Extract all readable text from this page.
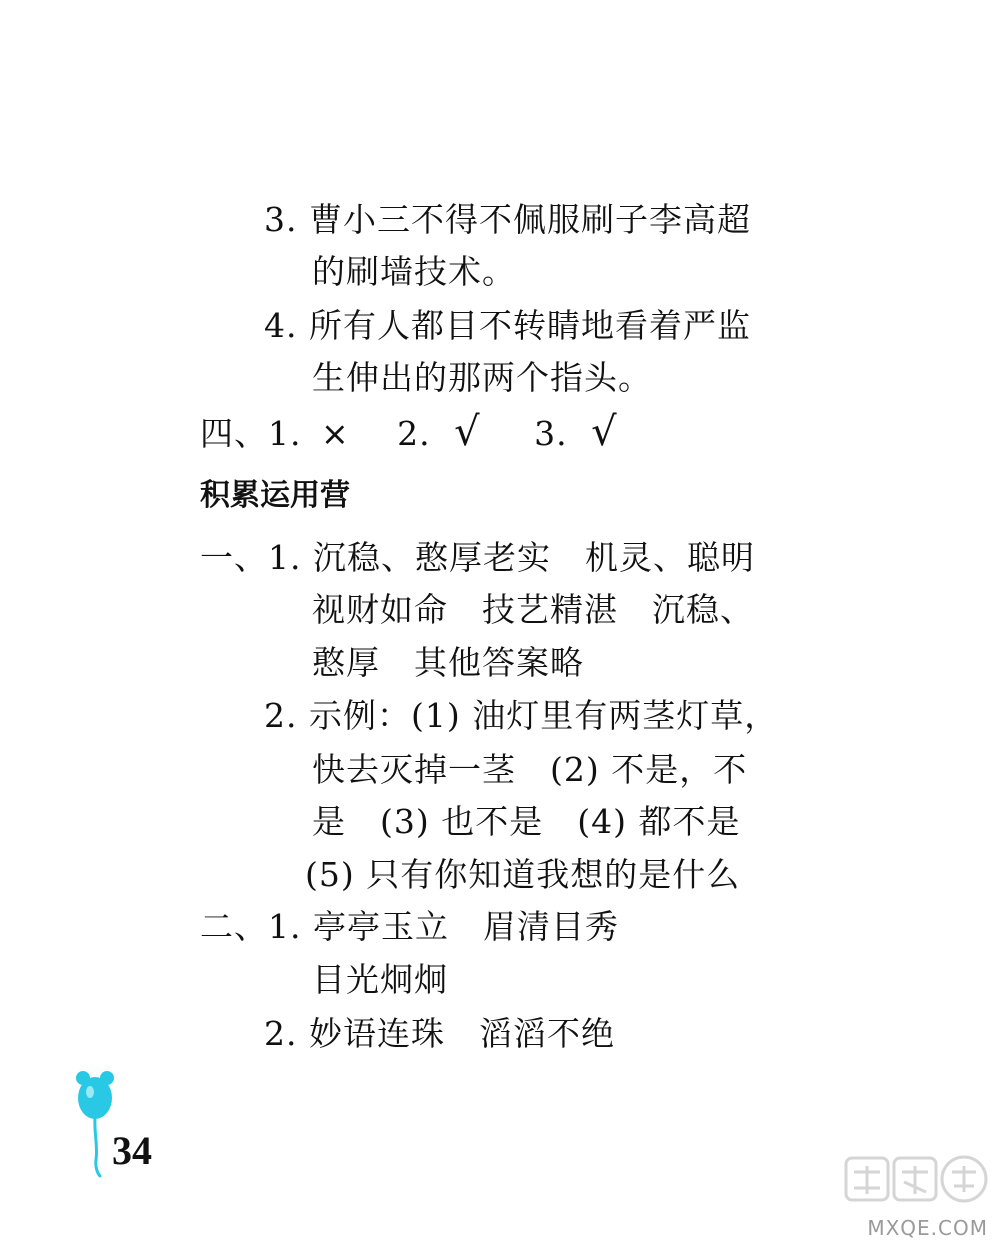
3. 曹小三不得不佩服刷子李高超
的刷墙技术。
4. 所有人都目不转睛地看着严监
生伸出的那两个指头。
四、1. × 2. √ 3. √
积累运用营
一、1. 沉稳、憨厚老实　机灵、聪明
视财如命　技艺精湛　沉稳、
憨厚　其他答案略
2. 示例：(1) 油灯里有两茎灯草，
快去灭掉一茎　(2) 不是，不
是　(3) 也不是　(4) 都不是
(5) 只有你知道我想的是什么
二、1. 亭亭玉立　眉清目秀
目光炯炯
2. 妙语连珠　滔滔不绝
34
MXQE.COM
